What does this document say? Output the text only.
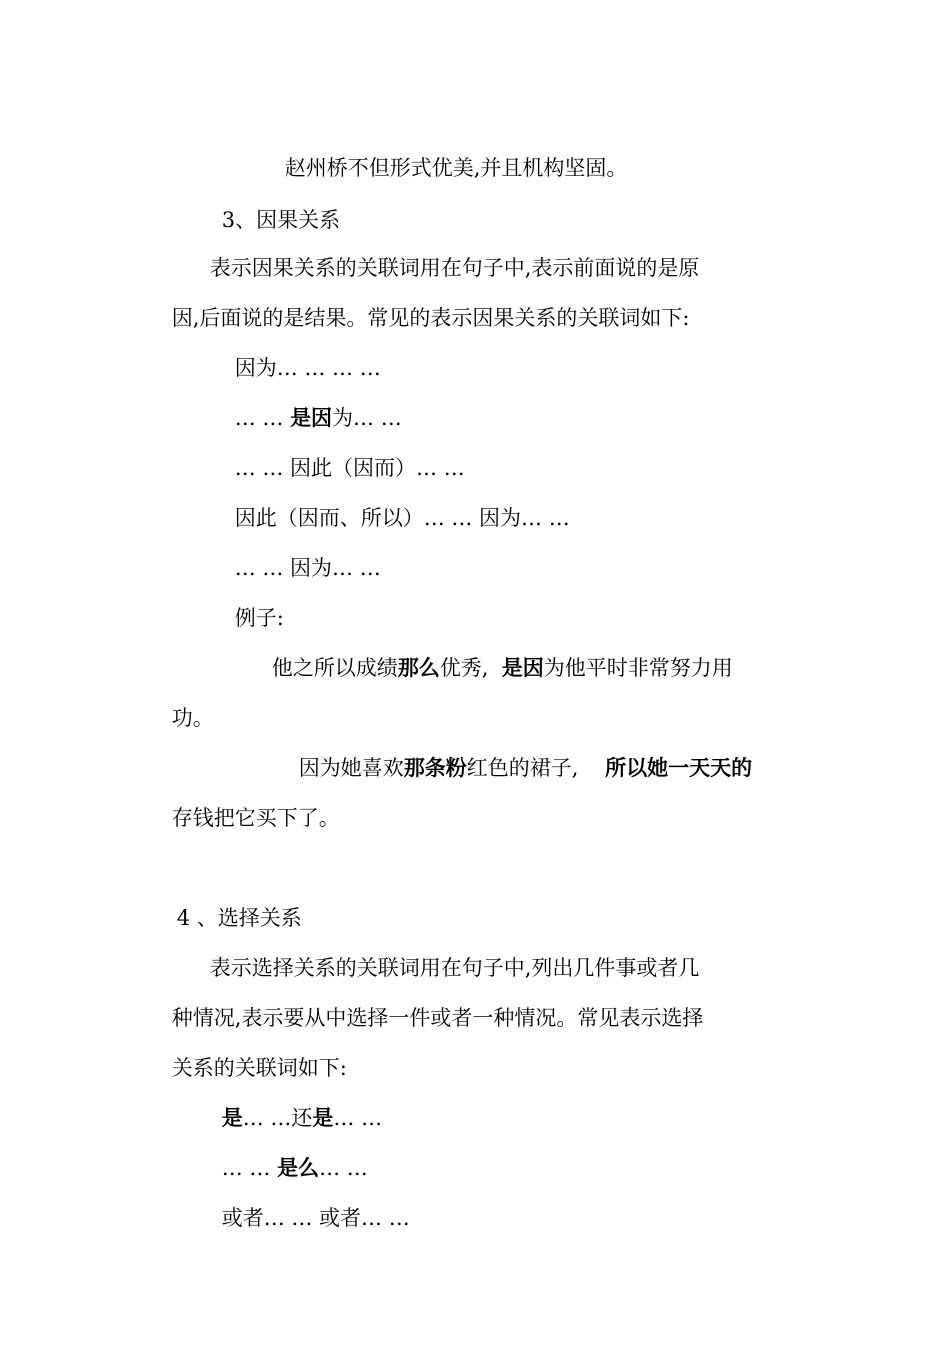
赵州桥不但形式优美,并且机构坚固。

3、因果关系

表示因果关系的关联词用在句子中,表示前面说的是原

因,后面说的是结果。常见的表示因果关系的关联词如下:

因为… … … …

… … 是因为… …

… … 因此（因而）… …

因此（因而、所以）… … 因为… …

… … 因为… …

例子:

他之所以成绩那么优秀,  是因为他平时非常努力用

功。

因为她喜欢那条粉红色的裙子,    所以她一天天的

存钱把它买下了。

4 、选择关系

表示选择关系的关联词用在句子中,列出几件事或者几

种情况,表示要从中选择一件或者一种情况。常见表示选择

关系的关联词如下:

是… …还是… …

… … 是么… …

或者… … 或者… …
